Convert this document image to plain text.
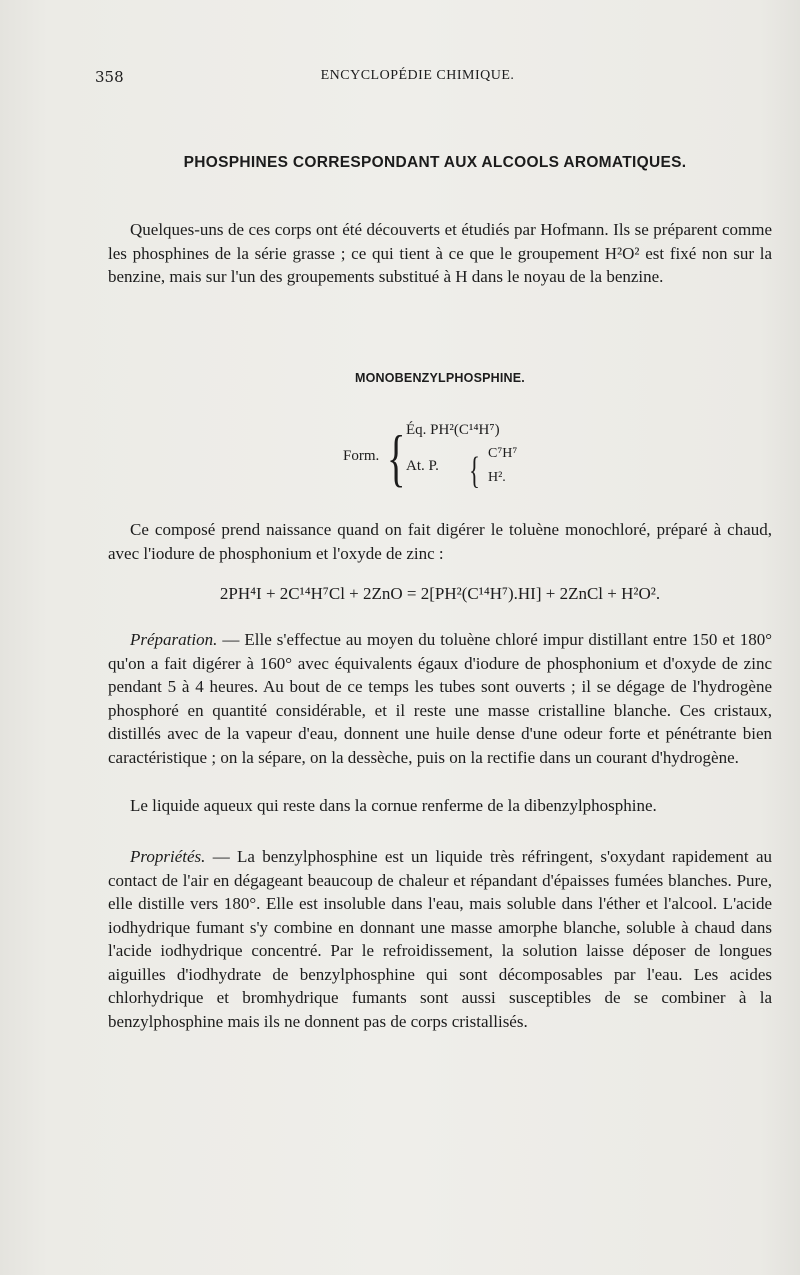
358	ENCYCLOPÉDIE CHIMIQUE.
PHOSPHINES CORRESPONDANT AUX ALCOOLS AROMATIQUES.

Quelques-uns de ces corps ont été découverts et étudiés par Hofmann. Ils se préparent comme les phosphines de la série grasse ; ce qui tient à ce que le groupement H²O² est fixé non sur la benzine, mais sur l'un des groupements substitué à H dans le noyau de la benzine.

MONOBENZYLPHOSPHINE.
Form. { Éq. PH²(C¹⁴H⁷)
At. P. { C⁷H⁷
H².

Ce composé prend naissance quand on fait digérer le toluène monochloré, préparé à chaud, avec l'iodure de phosphonium et l'oxyde de zinc :

2PH⁴I + 2C¹⁴H⁷Cl + 2ZnO = 2[PH²(C¹⁴H⁷).HI] + 2ZnCl + H²O².

Préparation. — Elle s'effectue au moyen du toluène chloré impur distillant entre 150 et 180° qu'on a fait digérer à 160° avec équivalents égaux d'iodure de phosphonium et d'oxyde de zinc pendant 5 à 4 heures. Au bout de ce temps les tubes sont ouverts ; il se dégage de l'hydrogène phosphoré en quantité considérable, et il reste une masse cristalline blanche. Ces cristaux, distillés avec de la vapeur d'eau, donnent une huile dense d'une odeur forte et pénétrante bien caractéristique ; on la sépare, on la dessèche, puis on la rectifie dans un courant d'hydrogène.

Le liquide aqueux qui reste dans la cornue renferme de la dibenzylphosphine.

Propriétés. — La benzylphosphine est un liquide très réfringent, s'oxydant rapidement au contact de l'air en dégageant beaucoup de chaleur et répandant d'épaisses fumées blanches. Pure, elle distille vers 180°. Elle est insoluble dans l'eau, mais soluble dans l'éther et l'alcool. L'acide iodhydrique fumant s'y combine en donnant une masse amorphe blanche, soluble à chaud dans l'acide iodhydrique concentré. Par le refroidissement, la solution laisse déposer de longues aiguilles d'iodhydrate de benzylphosphine qui sont décomposables par l'eau. Les acides chlorhydrique et bromhydrique fumants sont aussi susceptibles de se combiner à la benzylphosphine mais ils ne donnent pas de corps cristallisés.
